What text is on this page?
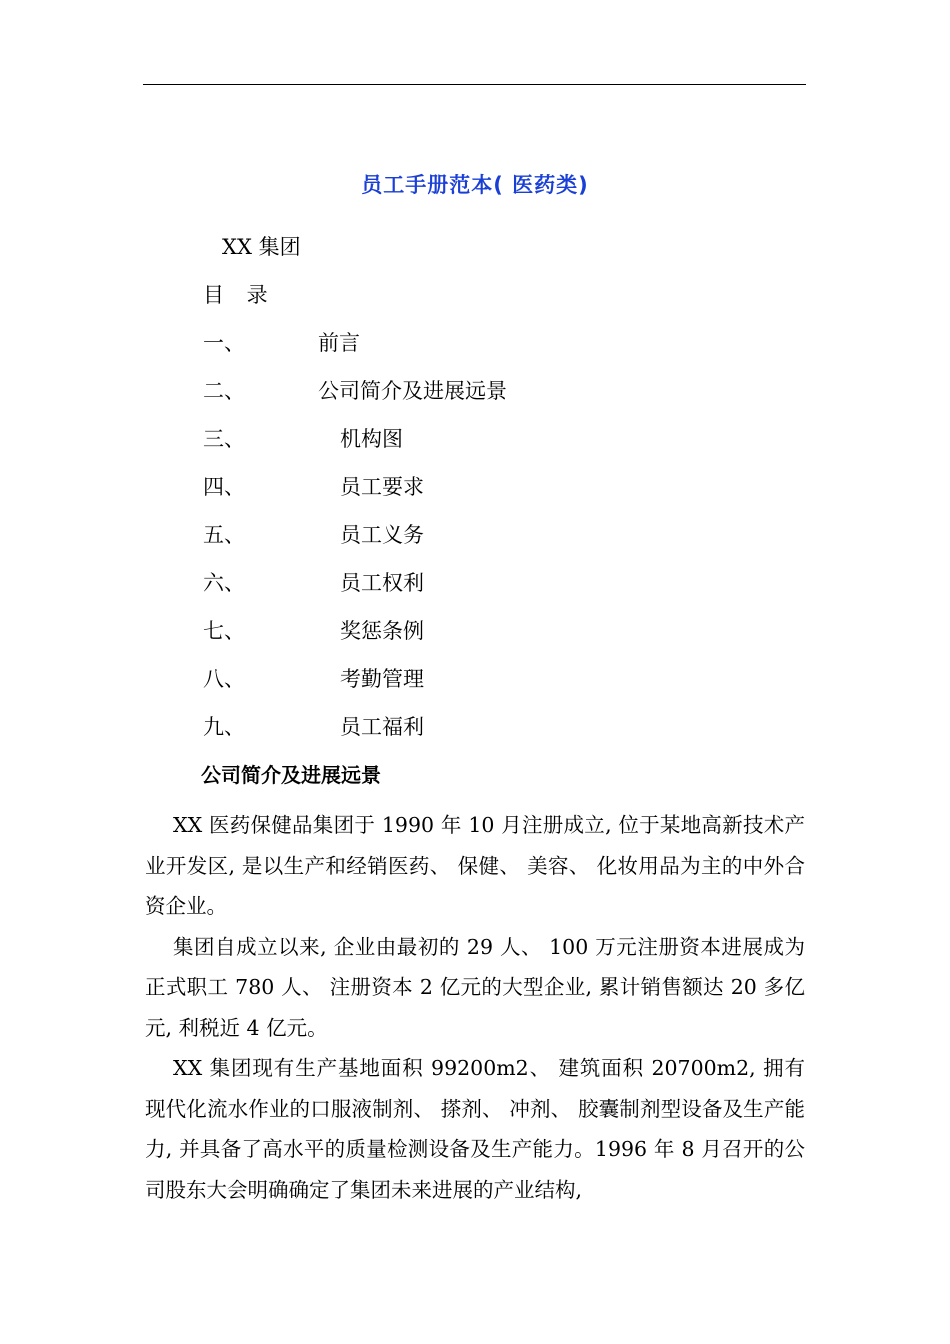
员工手册范本( 医药类)
XX 集团
目 录
一、	前言
二、	公司简介及进展远景
三、	机构图
四、	员工要求
五、	员工义务
六、	员工权利
七、	奖惩条例
八、	考勤管理
九、	员工福利
公司简介及进展远景

XX 医药保健品集团于 1990 年 10 月注册成立, 位于某地高新技术产业开发区, 是以生产和经销医药、 保健、 美容、 化妆用品为主的中外合资企业。

集团自成立以来, 企业由最初的 29 人、 100 万元注册资本进展成为正式职工 780 人、 注册资本 2 亿元的大型企业, 累计销售额达 20 多亿元, 利税近 4 亿元。

XX 集团现有生产基地面积 99200m2、 建筑面积 20700m2, 拥有现代化流水作业的口服液制剂、 搽剂、 冲剂、 胶囊制剂型设备及生产能力, 并具备了高水平的质量检测设备及生产能力。1996 年 8 月召开的公司股东大会明确确定了集团未来进展的产业结构,
